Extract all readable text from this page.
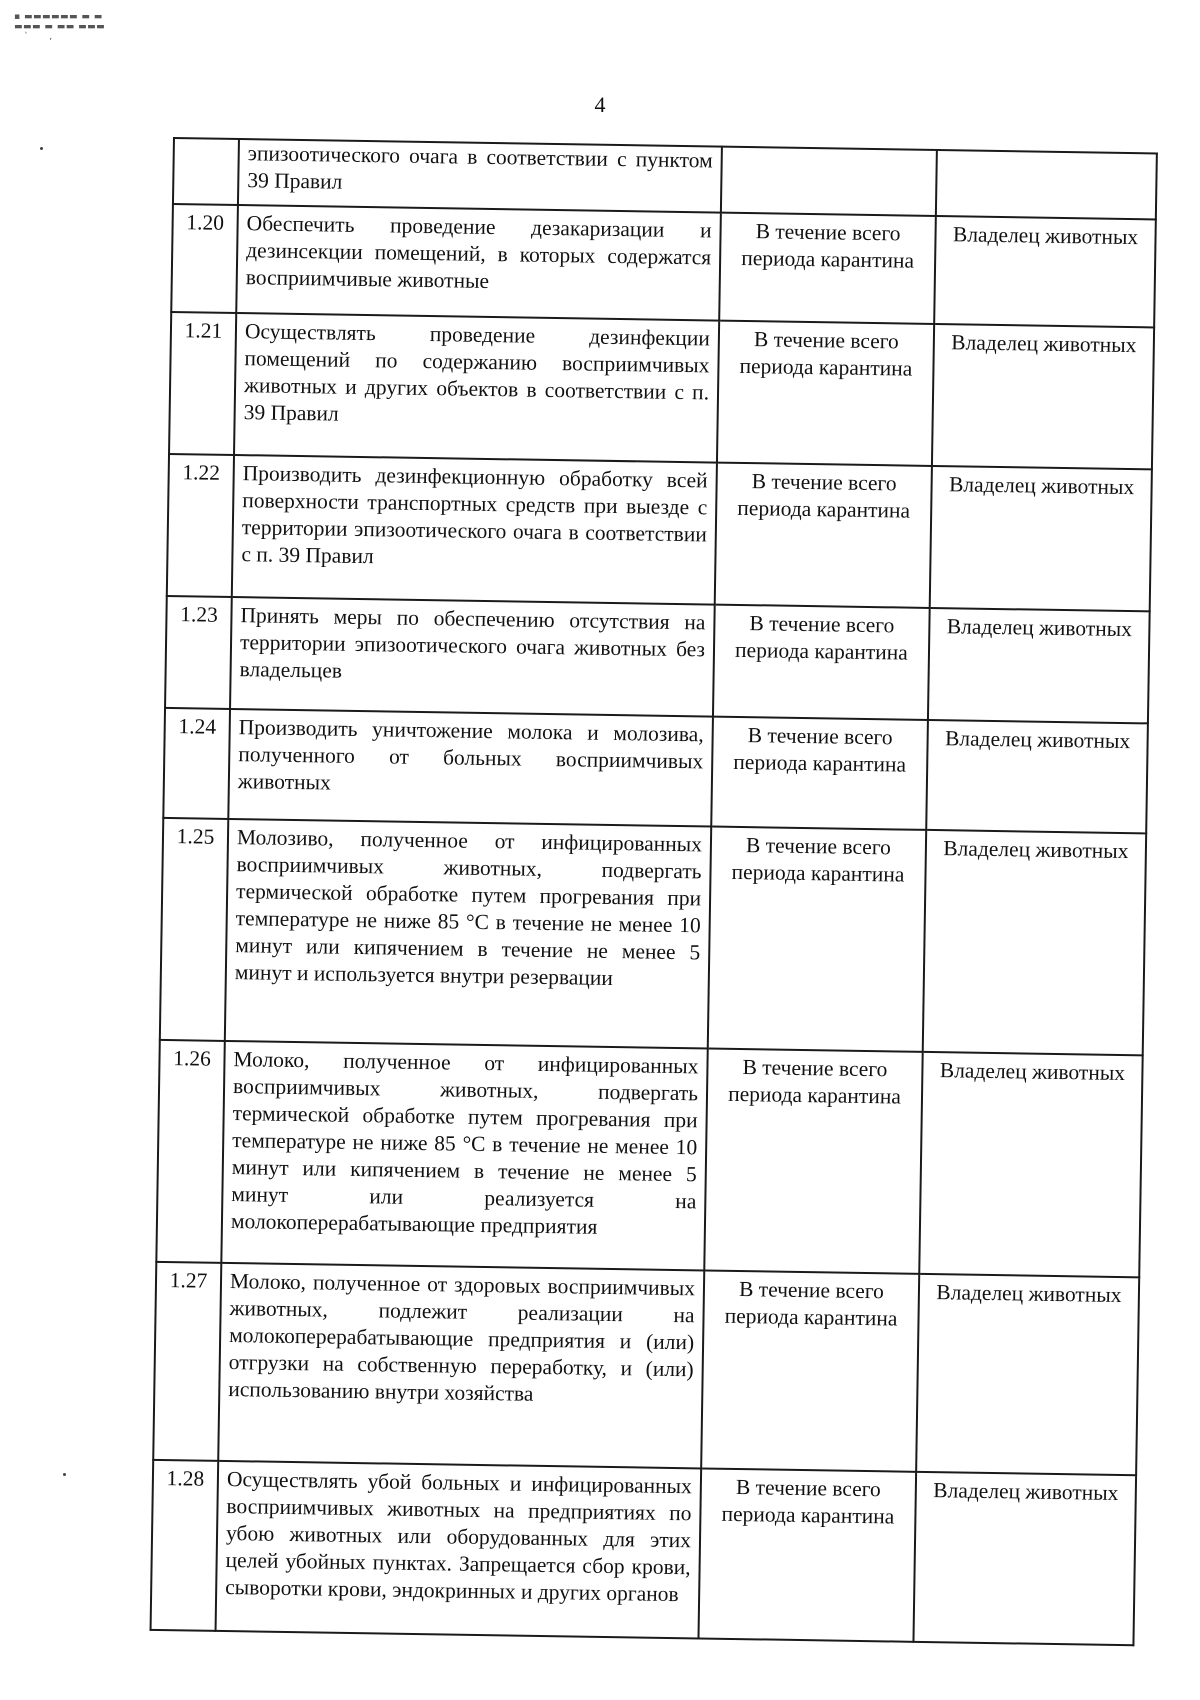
▪ ▬▬▬▬▬▬ ▬ ▬
▬▬▬ ▬ ▬▬ ▬▬▬
ˋ      ,
4
	эпизоотического очага в соответствии с пунктом 39 Правил		
1.20	Обеспечить проведение дезакаризации и дезинсекции помещений, в которых содержатся восприимчивые животные	В течение всего периода карантина	Владелец животных
1.21	Осуществлять проведение дезинфекции помещений по содержанию восприимчивых животных и других объектов в соответствии с п. 39 Правил	В течение всего периода карантина	Владелец животных
1.22	Производить дезинфекционную обработку всей поверхности транспортных средств при выезде с территории эпизоотического очага в соответствии с п. 39 Правил	В течение всего периода карантина	Владелец животных
1.23	Принять меры по обеспечению отсутствия на территории эпизоотического очага животных без владельцев	В течение всего периода карантина	Владелец животных
1.24	Производить уничтожение молока и молозива, полученного от больных восприимчивых животных	В течение всего периода карантина	Владелец животных
1.25	Молозиво, полученное от инфицированных восприимчивых животных, подвергать термической обработке путем прогревания при температуре не ниже 85 °С в течение не менее 10 минут или кипячением в течение не менее 5 минут и используется внутри резервации	В течение всего периода карантина	Владелец животных
1.26	Молоко, полученное от инфицированных восприимчивых животных, подвергать термической обработке путем прогревания при температуре не ниже 85 °С в течение не менее 10 минут или кипячением в течение не менее 5 минут или реализуется на молокоперерабатывающие предприятия	В течение всего периода карантина	Владелец животных
1.27	Молоко, полученное от здоровых восприимчивых животных, подлежит реализации на молокоперерабатывающие предприятия и (или) отгрузки на собственную переработку, и (или) использованию внутри хозяйства	В течение всего периода карантина	Владелец животных
1.28	Осуществлять убой больных и инфицированных восприимчивых животных на предприятиях по убою животных или оборудованных для этих целей убойных пунктах. Запрещается сбор крови, сыворотки крови, эндокринных и других органов	В течение всего периода карантина	Владелец животных
